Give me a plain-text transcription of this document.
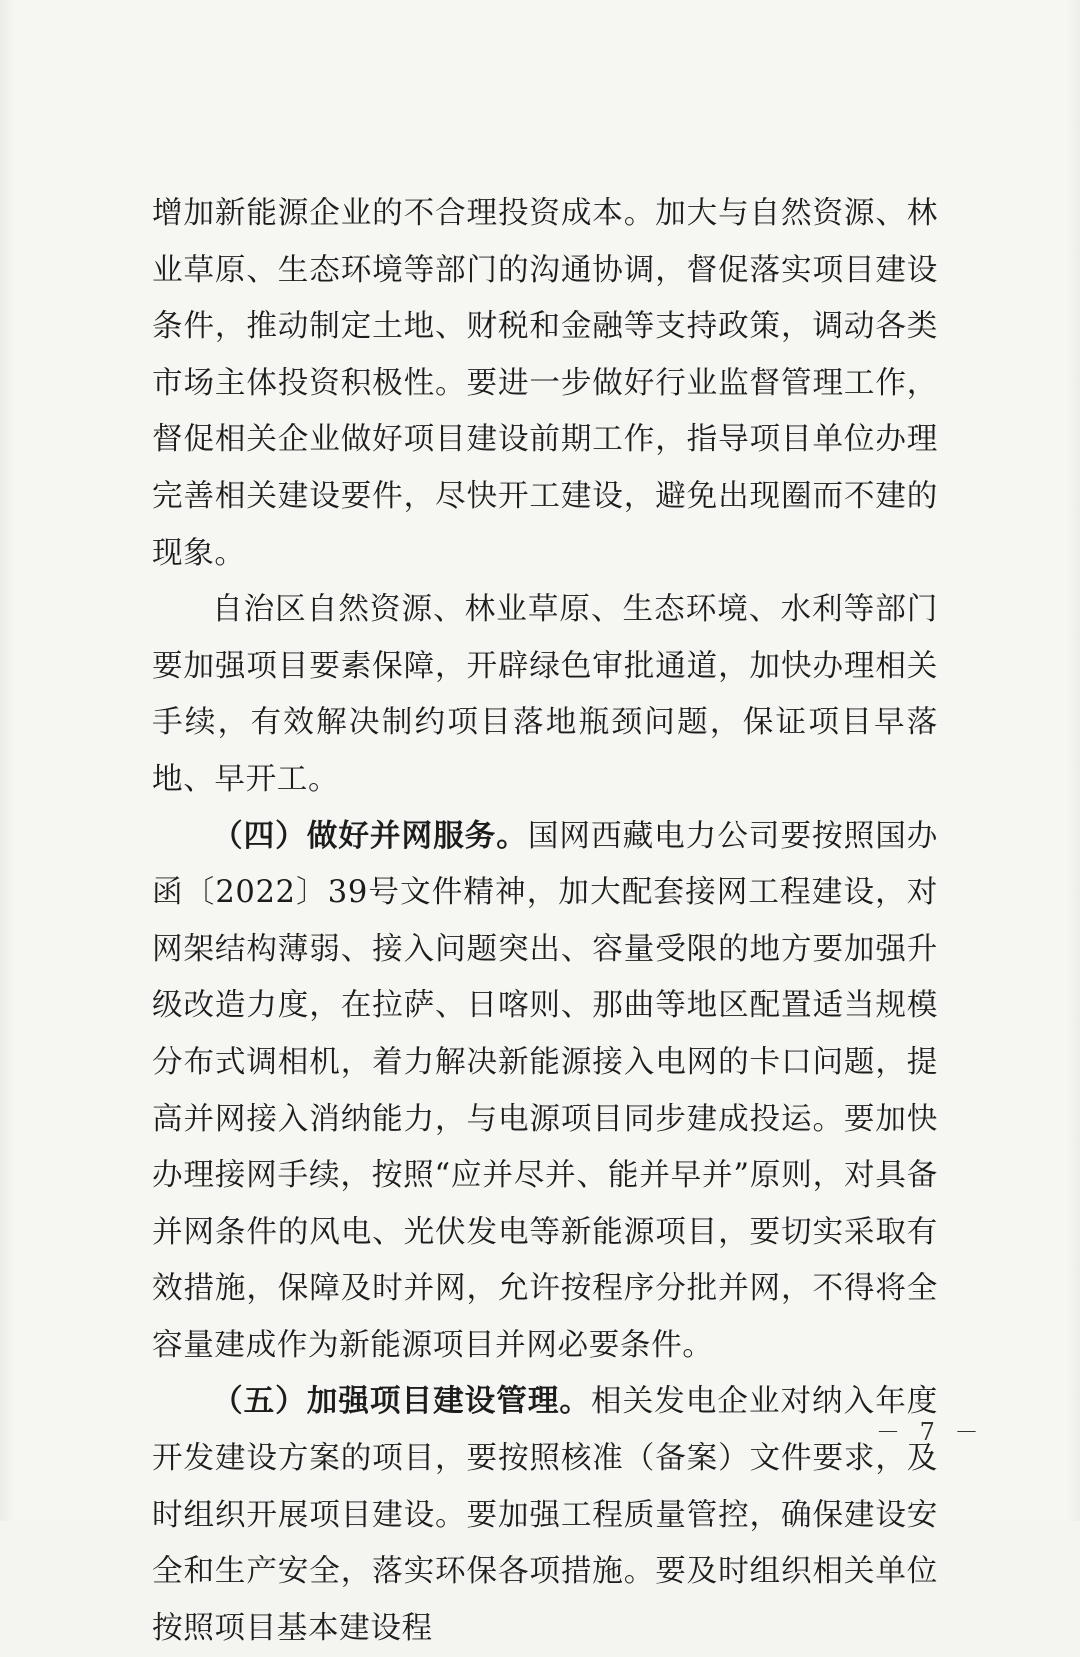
增加新能源企业的不合理投资成本。加大与自然资源、林业草原、生态环境等部门的沟通协调，督促落实项目建设条件，推动制定土地、财税和金融等支持政策，调动各类市场主体投资积极性。要进一步做好行业监督管理工作，督促相关企业做好项目建设前期工作，指导项目单位办理完善相关建设要件，尽快开工建设，避免出现圈而不建的现象。

自治区自然资源、林业草原、生态环境、水利等部门要加强项目要素保障，开辟绿色审批通道，加快办理相关手续，有效解决制约项目落地瓶颈问题，保证项目早落地、早开工。

（四）做好并网服务。国网西藏电力公司要按照国办函〔2022〕39号文件精神，加大配套接网工程建设，对网架结构薄弱、接入问题突出、容量受限的地方要加强升级改造力度，在拉萨、日喀则、那曲等地区配置适当规模分布式调相机，着力解决新能源接入电网的卡口问题，提高并网接入消纳能力，与电源项目同步建成投运。要加快办理接网手续，按照“应并尽并、能并早并”原则，对具备并网条件的风电、光伏发电等新能源项目，要切实采取有效措施，保障及时并网，允许按程序分批并网，不得将全容量建成作为新能源项目并网必要条件。

（五）加强项目建设管理。相关发电企业对纳入年度开发建设方案的项目，要按照核准（备案）文件要求，及时组织开展项目建设。要加强工程质量管控，确保建设安全和生产安全，落实环保各项措施。要及时组织相关单位按照项目基本建设程

－ 7 －
